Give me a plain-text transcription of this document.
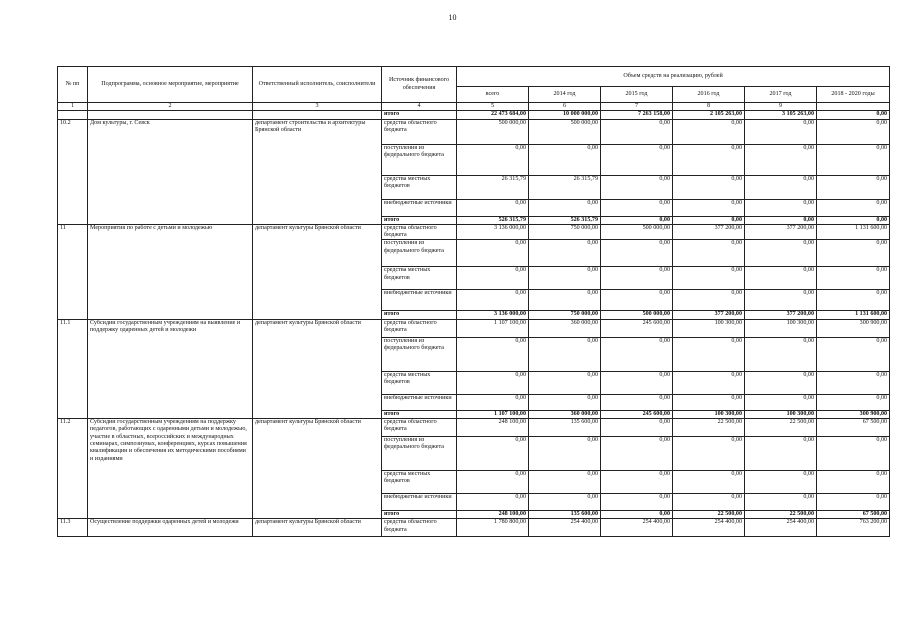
10
№ пп	Подпрограмма, основное мероприятие, мероприятие	Ответственный исполнитель, соисполнители	Источник финансового обеспечения	Объем средств на реализацию, рублей					
				всего	2014 год	2015 год	2016 год	2017 год	2018 - 2020 годы
1	2	3	4	5	6	7	8	9	
			итого	22 473 684,00	10 000 000,00	7 263 158,00	2 105 263,00	3 105 263,00	0,00
10.2	Дом культуры, г. Севск	департамент строительства и архитектуры Брянской области	средства областного бюджета	500 000,00	500 000,00	0,00	0,00	0,00	0,00
			поступления из федерального бюджета	0,00	0,00	0,00	0,00	0,00	0,00
			средства местных бюджетов	26 315,79	26 315,79	0,00	0,00	0,00	0,00
			внебюджетные источники	0,00	0,00	0,00	0,00	0,00	0,00
			итого	526 315,79	526 315,79	0,00	0,00	0,00	0,00
11	Мероприятия по работе с детьми и молодежью	департамент культуры Брянской области	средства областного бюджета	3 136 000,00	750 000,00	500 000,00	377 200,00	377 200,00	1 131 600,00
			поступления из федерального бюджета	0,00	0,00	0,00	0,00	0,00	0,00
			средства местных бюджетов	0,00	0,00	0,00	0,00	0,00	0,00
			внебюджетные источники	0,00	0,00	0,00	0,00	0,00	0,00
			итого	3 136 000,00	750 000,00	500 000,00	377 200,00	377 200,00	1 131 600,00
11.1	Субсидии государственным учреждениям на выявление и поддержку одаренных детей и молодежи	департамент культуры Брянской области	средства областного бюджета	1 107 100,00	360 000,00	245 600,00	100 300,00	100 300,00	300 900,00
			поступления из федерального бюджета	0,00	0,00	0,00	0,00	0,00	0,00
			средства местных бюджетов	0,00	0,00	0,00	0,00	0,00	0,00
			внебюджетные источники	0,00	0,00	0,00	0,00	0,00	0,00
			итого	1 107 100,00	360 000,00	245 600,00	100 300,00	100 300,00	300 900,00
11.2	Субсидии государственным учреждениям на поддержку педагогов, работающих с одаренными детьми и молодежью, участие в областных, всероссийских и международных семинарах, симпозиумах, конференциях, курсах повышения квалификации и обеспечения их методическими пособиями и изданиями	департамент культуры Брянской области	средства областного бюджета	248 100,00	135 600,00	0,00	22 500,00	22 500,00	67 500,00
			поступления из федерального бюджета	0,00	0,00	0,00	0,00	0,00	0,00
			средства местных бюджетов	0,00	0,00	0,00	0,00	0,00	0,00
			внебюджетные источники	0,00	0,00	0,00	0,00	0,00	0,00
			итого	248 100,00	135 600,00	0,00	22 500,00	22 500,00	67 500,00
11.3	Осуществление поддержки одаренных детей и молодежи	департамент культуры Брянской области	средства областного бюджета	1 780 800,00	254 400,00	254 400,00	254 400,00	254 400,00	763 200,00
